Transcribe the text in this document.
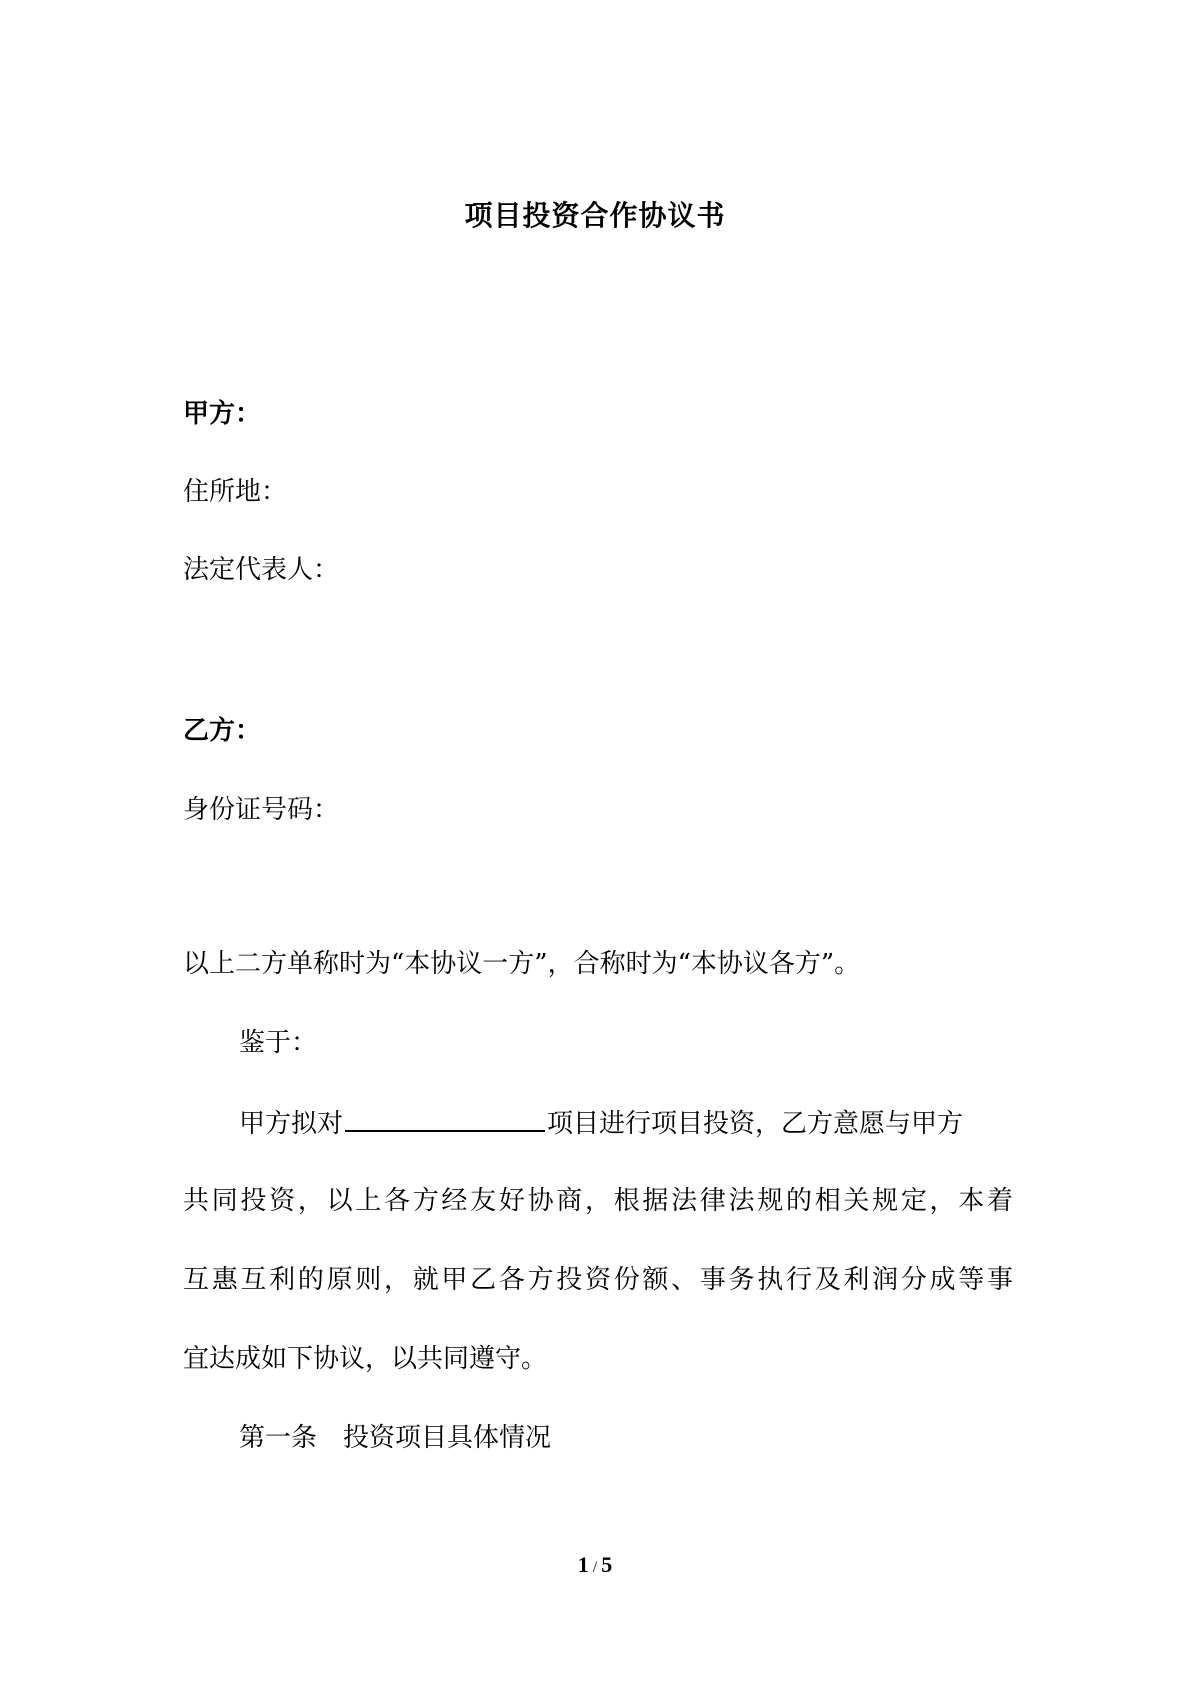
项目投资合作协议书
甲方：
住所地：
法定代表人：
乙方：
身份证号码：
以上二方单称时为“本协议一方”，合称时为“本协议各方”。
鉴于：
甲方拟对	项目进行项目投资，乙方意愿与甲方
共同投资，以上各方经友好协商，根据法律法规的相关规定，本着
互惠互利的原则，就甲乙各方投资份额、事务执行及利润分成等事
宜达成如下协议，以共同遵守。
第一条　投资项目具体情况
1 / 5
